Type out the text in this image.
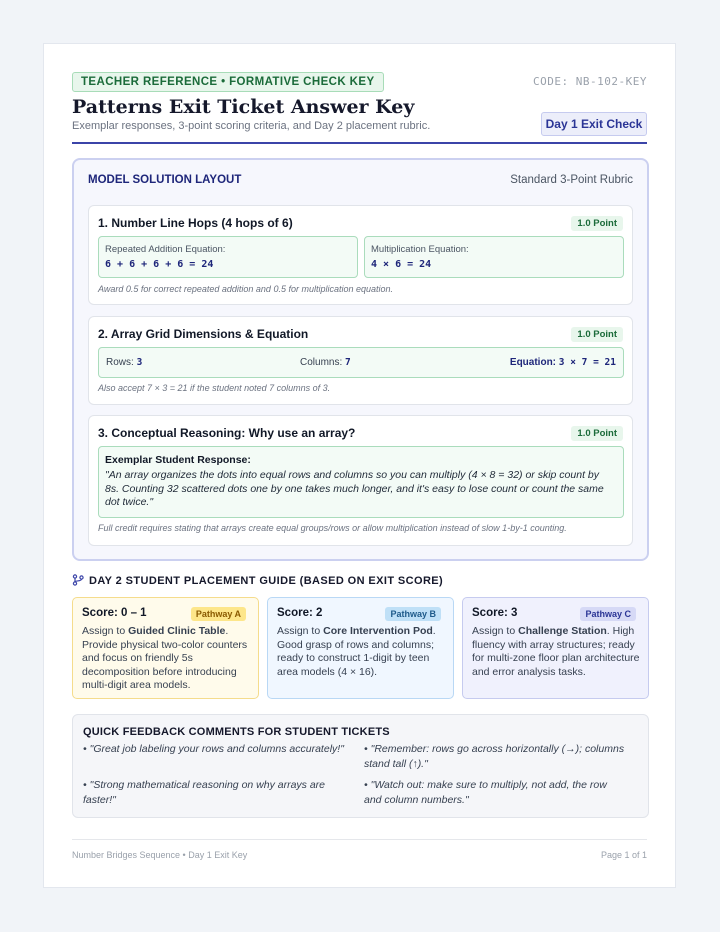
TEACHER REFERENCE • FORMATIVE CHECK KEY	CODE: NB-102-KEY
Patterns Exit Ticket Answer Key
Exemplar responses, 3-point scoring criteria, and Day 2 placement rubric.	Day 1 Exit Check
MODEL SOLUTION LAYOUT	Standard 3-Point Rubric
1. Number Line Hops (4 hops of 6)	1.0 Point
Repeated Addition Equation:
6 + 6 + 6 + 6 = 24
Multiplication Equation:
4 × 6 = 24
Award 0.5 for correct repeated addition and 0.5 for multiplication equation.
2. Array Grid Dimensions & Equation	1.0 Point
Rows: 3	Columns: 7	Equation: 3 × 7 = 21
Also accept 7 × 3 = 21 if the student noted 7 columns of 3.
3. Conceptual Reasoning: Why use an array?	1.0 Point
Exemplar Student Response:
"An array organizes the dots into equal rows and columns so you can multiply (4 × 8 = 32) or skip count by 8s. Counting 32 scattered dots one by one takes much longer, and it's easy to lose count or count the same dot twice."
Full credit requires stating that arrays create equal groups/rows or allow multiplication instead of slow 1-by-1 counting.
DAY 2 STUDENT PLACEMENT GUIDE (BASED ON EXIT SCORE)
Score: 0 – 1	Pathway A
Assign to Guided Clinic Table. Provide physical two-color counters and focus on friendly 5s decomposition before introducing multi-digit area models.
Score: 2	Pathway B
Assign to Core Intervention Pod. Good grasp of rows and columns; ready to construct 1-digit by teen area models (4 × 16).
Score: 3	Pathway C
Assign to Challenge Station. High fluency with array structures; ready for multi-zone floor plan architecture and error analysis tasks.
QUICK FEEDBACK COMMENTS FOR STUDENT TICKETS
• "Great job labeling your rows and columns accurately!" • "Remember: rows go across horizontally (→); columns stand tall (↑)."
• "Strong mathematical reasoning on why arrays are faster!"
• "Watch out: make sure to multiply, not add, the row and column numbers."
Number Bridges Sequence • Day 1 Exit Key	Page 1 of 1
